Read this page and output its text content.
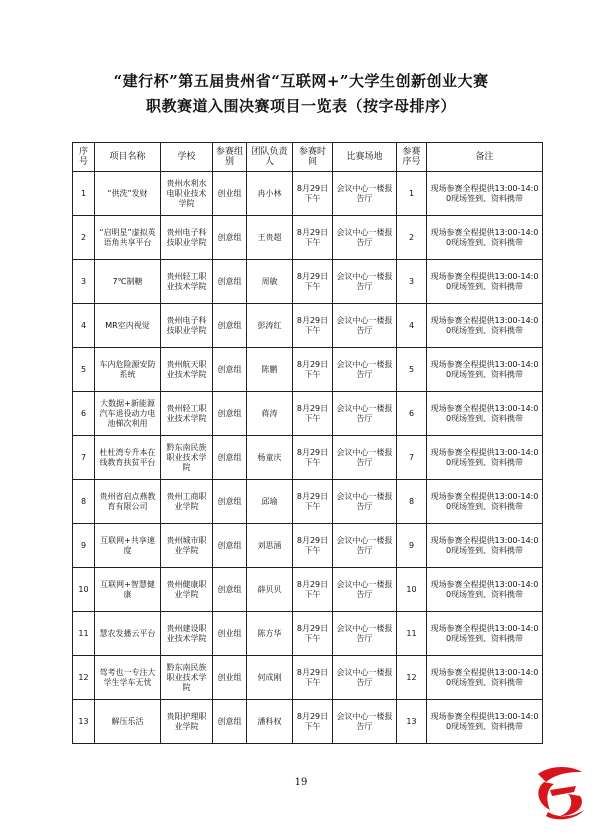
“建行杯”第五届贵州省“互联网+”大学生创新创业大赛
职教赛道入围决赛项目一览表（按字母排序）
序号	项目名称	学校	参赛组别	团队负责人	参赛时间	比赛场地	参赛序号	备注
1	“供洗”发财	贵州水利水电职业技术学院	创业组	冉小林	8月29日下午	会议中心一楼报告厅	1	现场参赛全程提供13:00-14:00现场签到、资料携带
2	“启明星”虚拟英语角共享平台	贵州电子科技职业学院	创意组	王贵超	8月29日下午	会议中心一楼报告厅	2	现场参赛全程提供13:00-14:00现场签到、资料携带
3	7℃制糖	贵州轻工职业技术学院	创意组	周敏	8月29日下午	会议中心一楼报告厅	3	现场参赛全程提供13:00-14:00现场签到、资料携带
4	MR室内视觉	贵州电子科技职业学院	创意组	彭涛红	8月29日下午	会议中心一楼报告厅	4	现场参赛全程提供13:00-14:00现场签到、资料携带
5	车内危险源安防系统	贵州航天职业技术学院	创意组	陈鹏	8月29日下午	会议中心一楼报告厅	5	现场参赛全程提供13:00-14:00现场签到、资料携带
6	大数据+新能源汽车退役动力电池梯次利用	贵州轻工职业技术学院	创意组	蒋涛	8月29日下午	会议中心一楼报告厅	6	现场参赛全程提供13:00-14:00现场签到、资料携带
7	杜杜湾专升本在线教育扶贫平台	黔东南民族职业技术学院	创意组	杨童庆	8月29日下午	会议中心一楼报告厅	7	现场参赛全程提供13:00-14:00现场签到、资料携带
8	贵州省启点燕教育有限公司	贵州工商职业学院	创意组	邱瑜	8月29日下午	会议中心一楼报告厅	8	现场参赛全程提供13:00-14:00现场签到、资料携带
9	互联网+共享速度	贵州城市职业学院	创意组	刘思涵	8月29日下午	会议中心一楼报告厅	9	现场参赛全程提供13:00-14:00现场签到、资料携带
10	互联网+智慧健康	贵州健康职业学院	创意组	薛贝贝	8月29日下午	会议中心一楼报告厅	10	现场参赛全程提供13:00-14:00现场签到、资料携带
11	慧农发播云平台	贵州建设职业技术学院	创业组	陈方华	8月29日下午	会议中心一楼报告厅	11	现场参赛全程提供13:00-14:00现场签到、资料携带
12	驾考也一专注大学生学车无忧	黔东南民族职业技术学院	创业组	何成刚	8月29日下午	会议中心一楼报告厅	12	现场参赛全程提供13:00-14:00现场签到、资料携带
13	解压乐活	贵阳护理职业学院	创意组	潘科权	8月29日下午	会议中心一楼报告厅	13	现场参赛全程提供13:00-14:00现场签到、资料携带
19
